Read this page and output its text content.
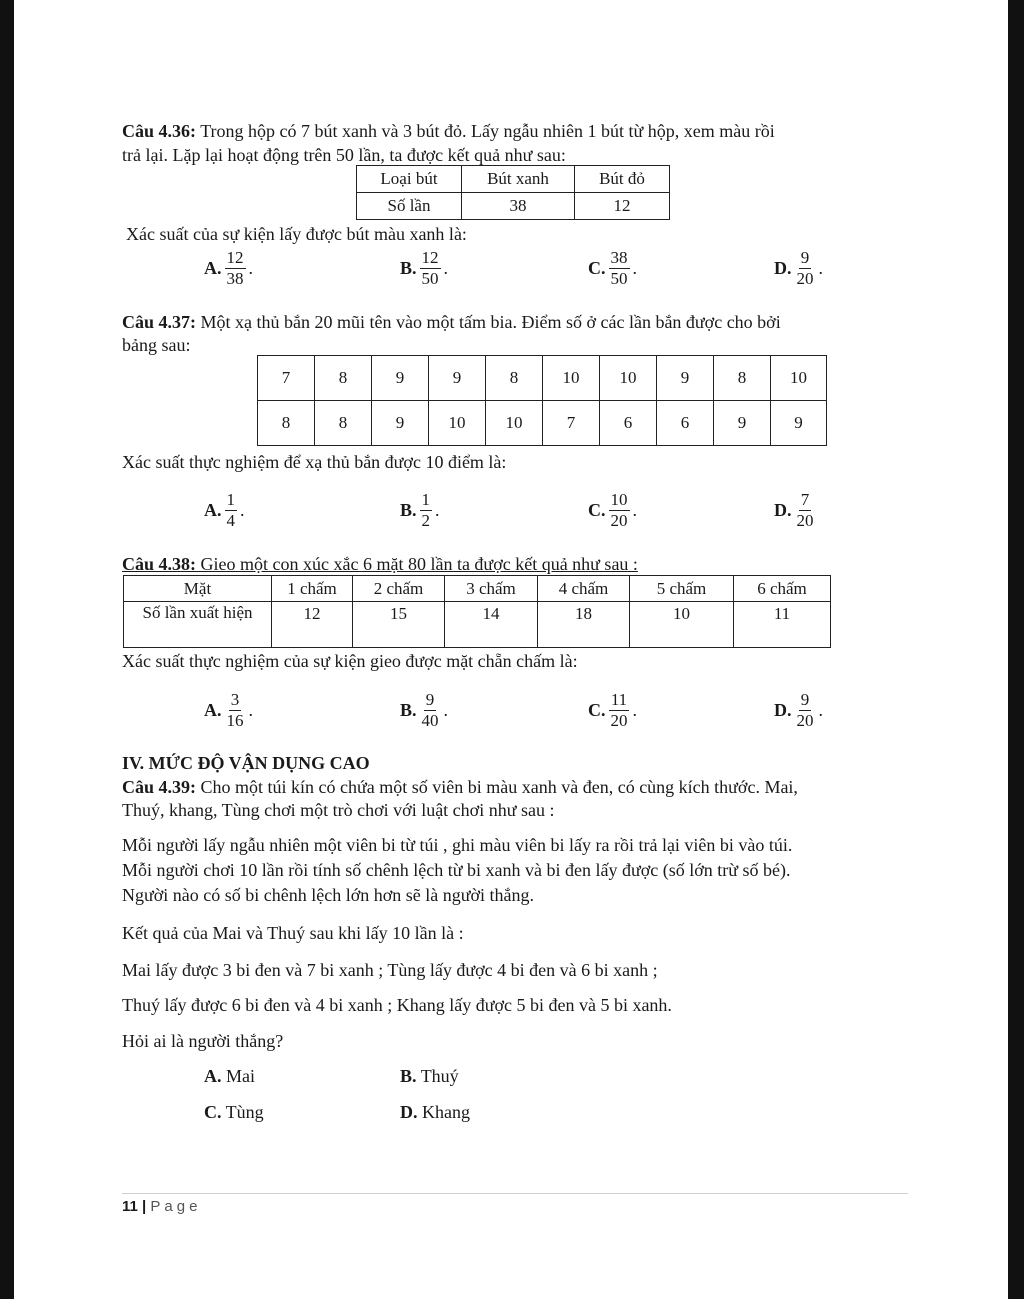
Câu 4.36: Trong hộp có 7 bút xanh và 3 bút đỏ. Lấy ngẫu nhiên 1 bút từ hộp, xem màu rồi
trả lại. Lặp lại hoạt động trên 50 lần, ta được kết quả như sau:
Loại bút	Bút xanh	Bút đỏ
Số lần	38	12
Xác suất của sự kiện lấy được bút màu xanh là:
A. $\frac{12}{38}$ .	B. $\frac{12}{50}$ .	C. $\frac{38}{50}$ .	D. $\frac{9}{20}$ .
Câu 4.37: Một xạ thủ bắn 20 mũi tên vào một tấm bia. Điểm số ở các lần bắn được cho bởi
bảng sau:
7	8	9	9	8	10	10	9	8	10
8	8	9	10	10	7	6	6	9	9
Xác suất thực nghiệm để xạ thủ bắn được 10 điểm là:
A. $\frac{1}{4}$ .	B. $\frac{1}{2}$ .	C. $\frac{10}{20}$ .	D. $\frac{7}{20}$
Câu 4.38: Gieo một con xúc xắc 6 mặt 80 lần ta được kết quả như sau :
Mặt	1 chấm	2 chấm	3 chấm	4 chấm	5 chấm	6 chấm
Số lần xuất hiện	12	15	14	18	10	11
Xác suất thực nghiệm của sự kiện gieo được mặt chẵn chấm là:
A. $\frac{3}{16}$ .	B. $\frac{9}{40}$ .	C. $\frac{11}{20}$ .	D. $\frac{9}{20}$ .
IV. MỨC ĐỘ VẬN DỤNG CAO
Câu 4.39: Cho một túi kín có chứa một số viên bi màu xanh và đen, có cùng kích thước. Mai,
Thuý, khang, Tùng chơi một trò chơi với luật chơi như sau :
Mỗi người lấy ngẫu nhiên một viên bi từ túi , ghi màu viên bi lấy ra rồi trả lại viên bi vào túi.
Mỗi người chơi 10 lần rồi tính số chênh lệch từ bi xanh và bi đen lấy được (số lớn trừ số bé).
Người nào có số bi chênh lệch lớn hơn sẽ là người thắng.
Kết quả của Mai và Thuý sau khi lấy 10 lần là :
Mai lấy được 3 bi đen và 7 bi xanh ; Tùng lấy được 4 bi đen và 6 bi xanh ;
Thuý lấy được 6 bi đen và 4 bi xanh ; Khang lấy được 5 bi đen và 5 bi xanh.
Hỏi ai là người thắng?
A. Mai	B. Thuý
C. Tùng	D. Khang
11 | Page
